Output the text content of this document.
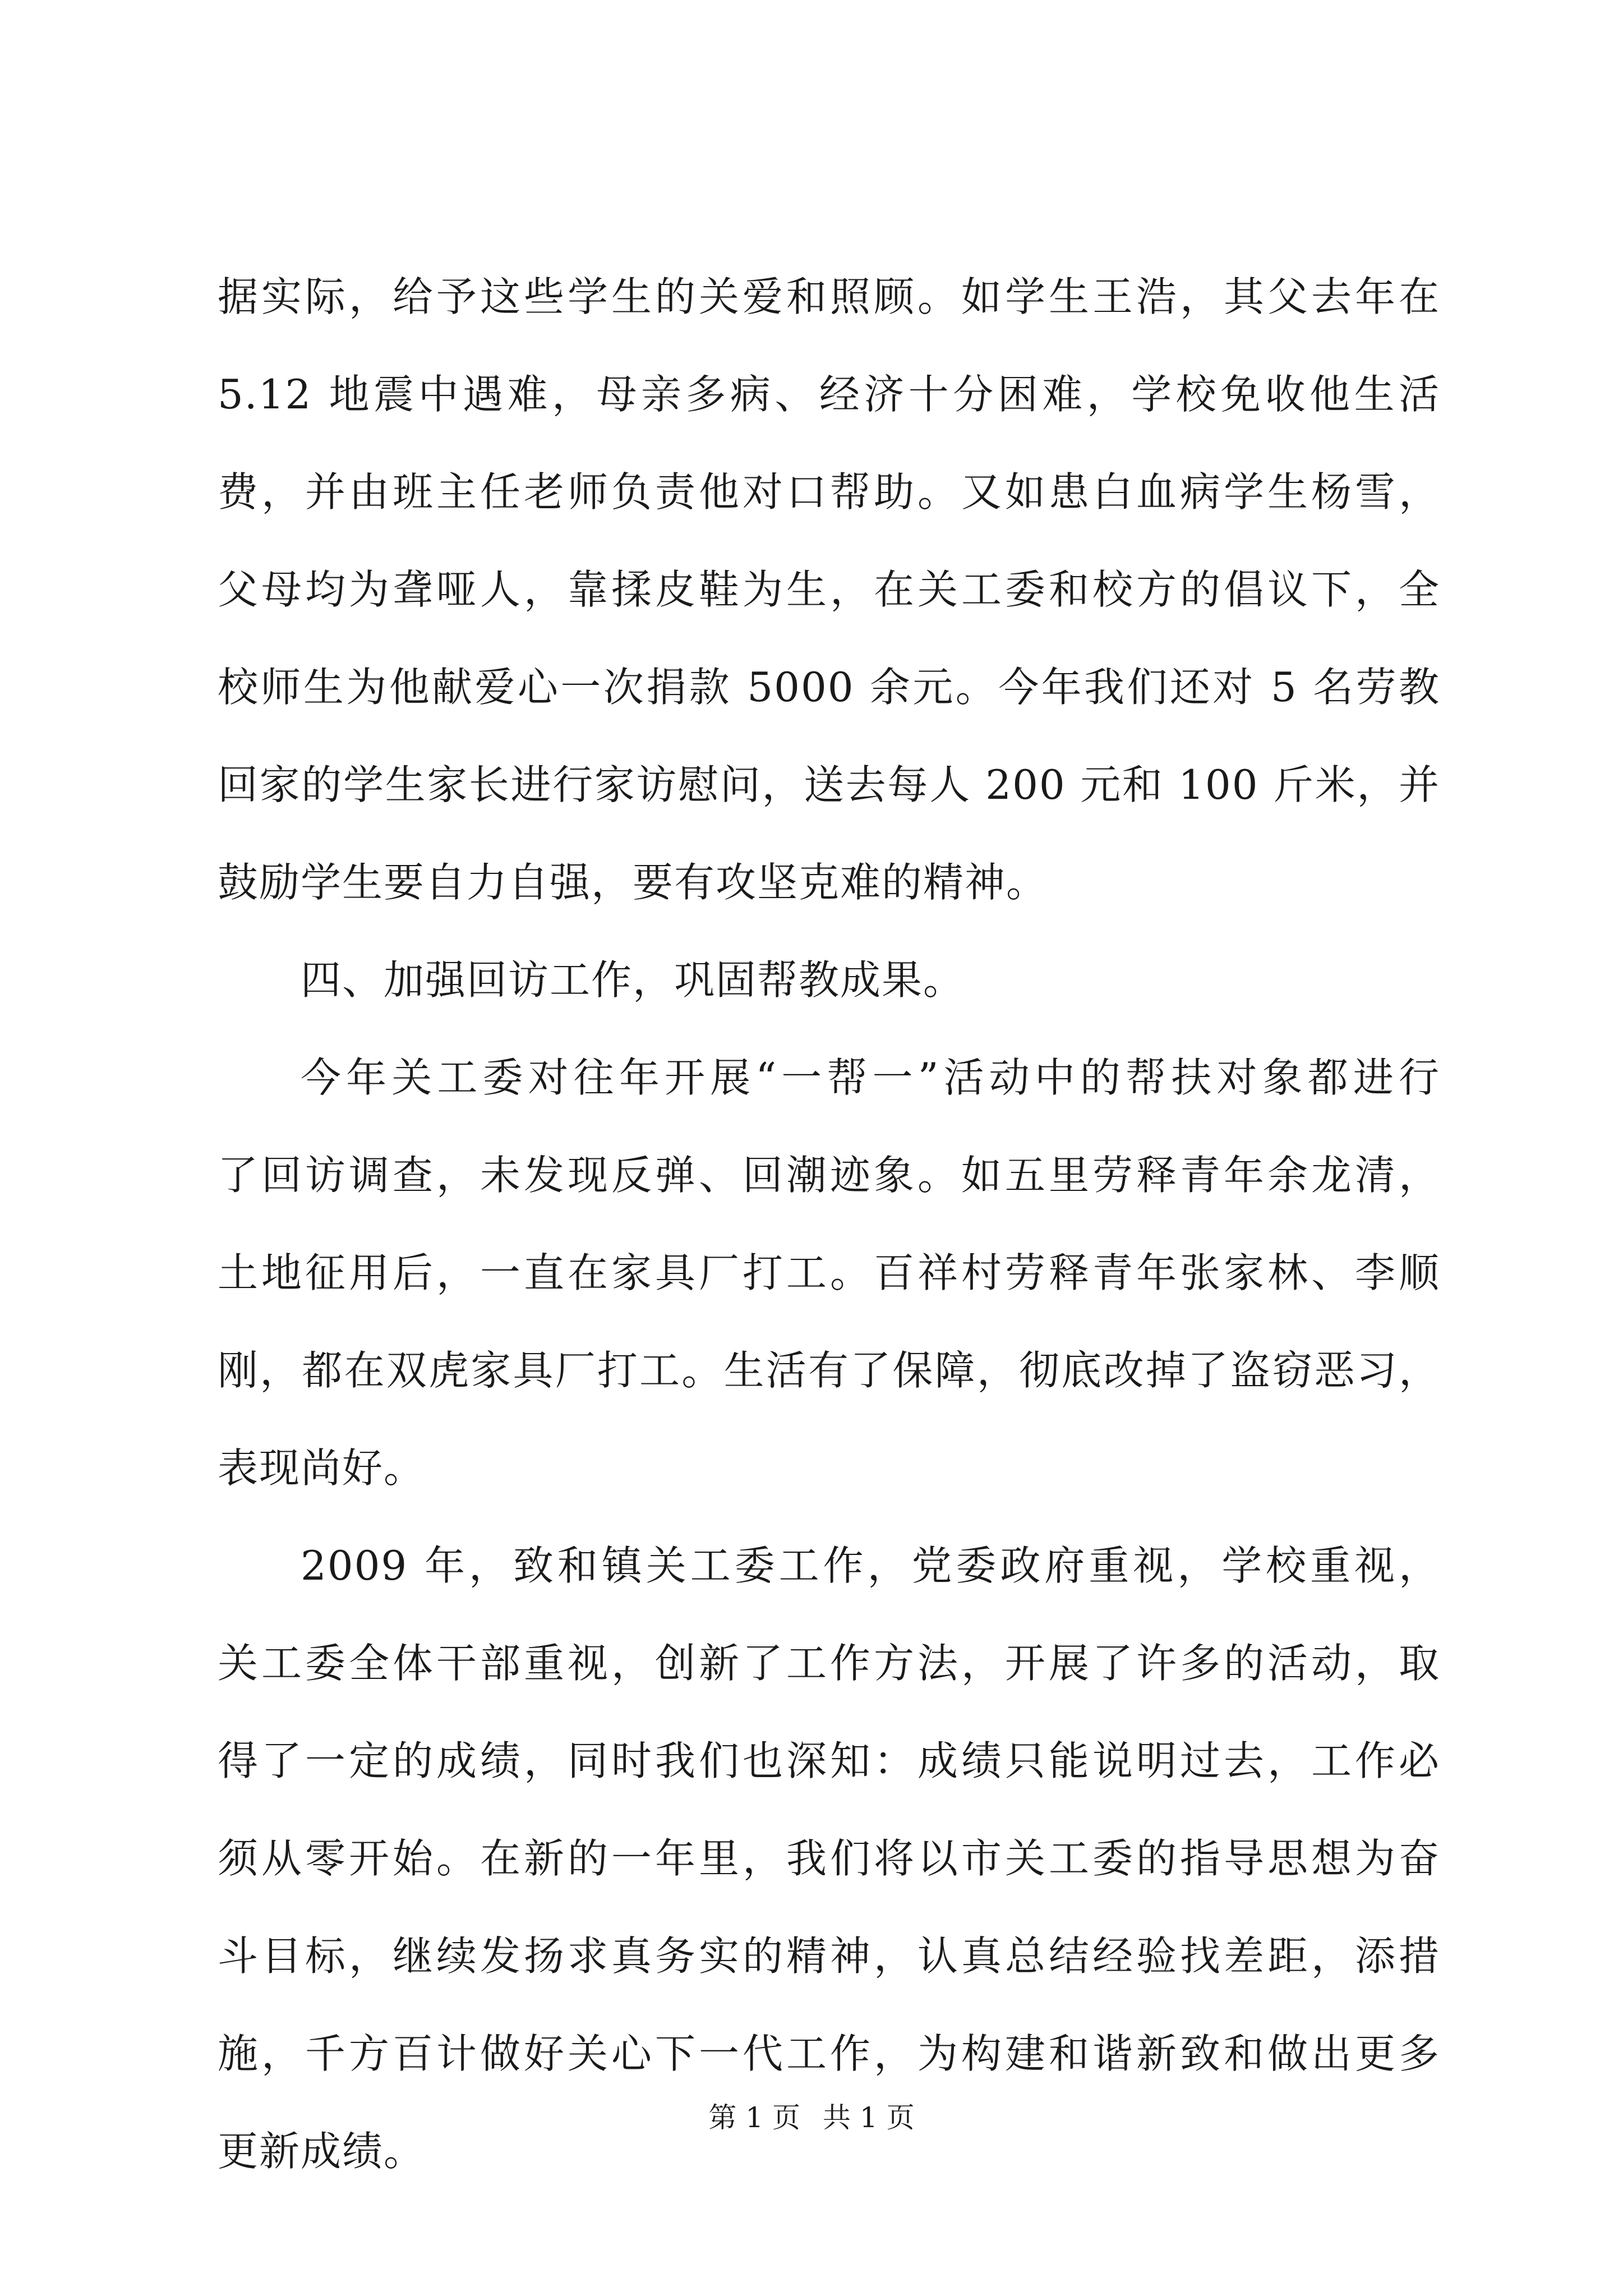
据实际，给予这些学生的关爱和照顾。如学生王浩，其父去年在
5.12 地震中遇难，母亲多病、经济十分困难，学校免收他生活
费，并由班主任老师负责他对口帮助。又如患白血病学生杨雪，
父母均为聋哑人，靠揉皮鞋为生，在关工委和校方的倡议下，全
校师生为他献爱心一次捐款 5000 余元。今年我们还对 5 名劳教
回家的学生家长进行家访慰问，送去每人 200 元和 100 斤米，并
鼓励学生要自力自强，要有攻坚克难的精神。
四、加强回访工作，巩固帮教成果。
今年关工委对往年开展“一帮一”活动中的帮扶对象都进行
了回访调查，未发现反弹、回潮迹象。如五里劳释青年余龙清，
土地征用后，一直在家具厂打工。百祥村劳释青年张家林、李顺
刚，都在双虎家具厂打工。生活有了保障，彻底改掉了盗窃恶习，
表现尚好。
2009 年，致和镇关工委工作，党委政府重视，学校重视，
关工委全体干部重视，创新了工作方法，开展了许多的活动，取
得了一定的成绩，同时我们也深知：成绩只能说明过去，工作必
须从零开始。在新的一年里，我们将以市关工委的指导思想为奋
斗目标，继续发扬求真务实的精神，认真总结经验找差距，添措
施，千方百计做好关心下一代工作，为构建和谐新致和做出更多
更新成绩。
第 1 页 共 1 页
